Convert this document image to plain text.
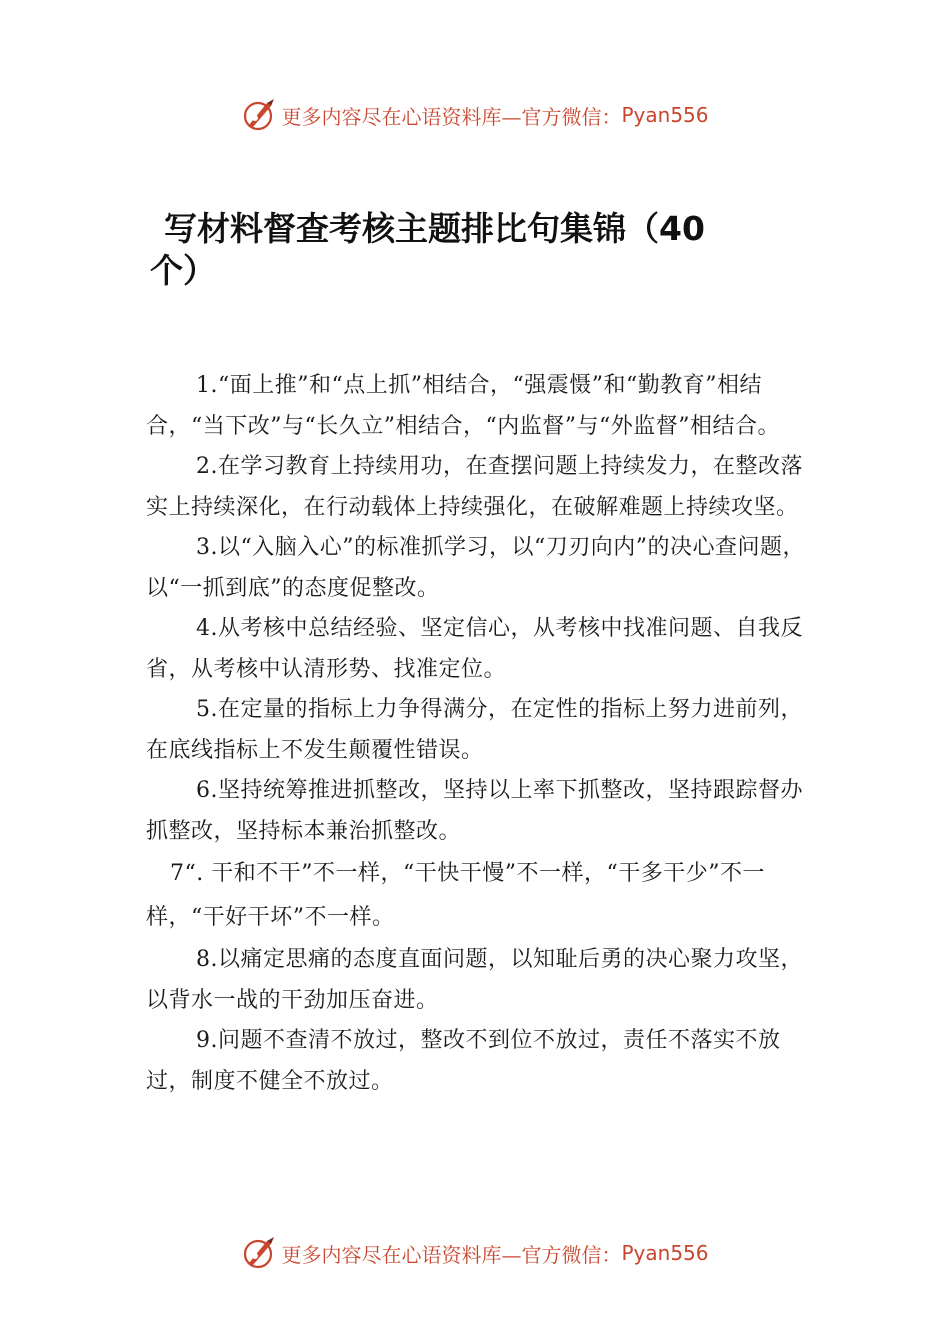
更多内容尽在心语资料库—官方微信： Pyan556
写材料督查考核主题排比句集锦（40个）

1.“面上推”和“点上抓”相结合，“强震慑”和“勤教育”相结合，“当下改”与“长久立”相结合，“内监督”与“外监督”相结合。

2.在学习教育上持续用功，在查摆问题上持续发力，在整改落实上持续深化，在行动载体上持续强化，在破解难题上持续攻坚。

3.以“入脑入心”的标准抓学习，以“刀刃向内”的决心查问题，以“一抓到底”的态度促整改。

4.从考核中总结经验、坚定信心，从考核中找准问题、自我反省，从考核中认清形势、找准定位。

5.在定量的指标上力争得满分，在定性的指标上努力进前列，在底线指标上不发生颠覆性错误。

6.坚持统筹推进抓整改，坚持以上率下抓整改，坚持跟踪督办抓整改，坚持标本兼治抓整改。

7“. 干和不干”不一样，“干快干慢”不一样，“干多干少”不一样，“干好干坏”不一样。

8.以痛定思痛的态度直面问题，以知耻后勇的决心聚力攻坚，以背水一战的干劲加压奋进。

9.问题不查清不放过，整改不到位不放过，责任不落实不放过，制度不健全不放过。

更多内容尽在心语资料库—官方微信： Pyan556
